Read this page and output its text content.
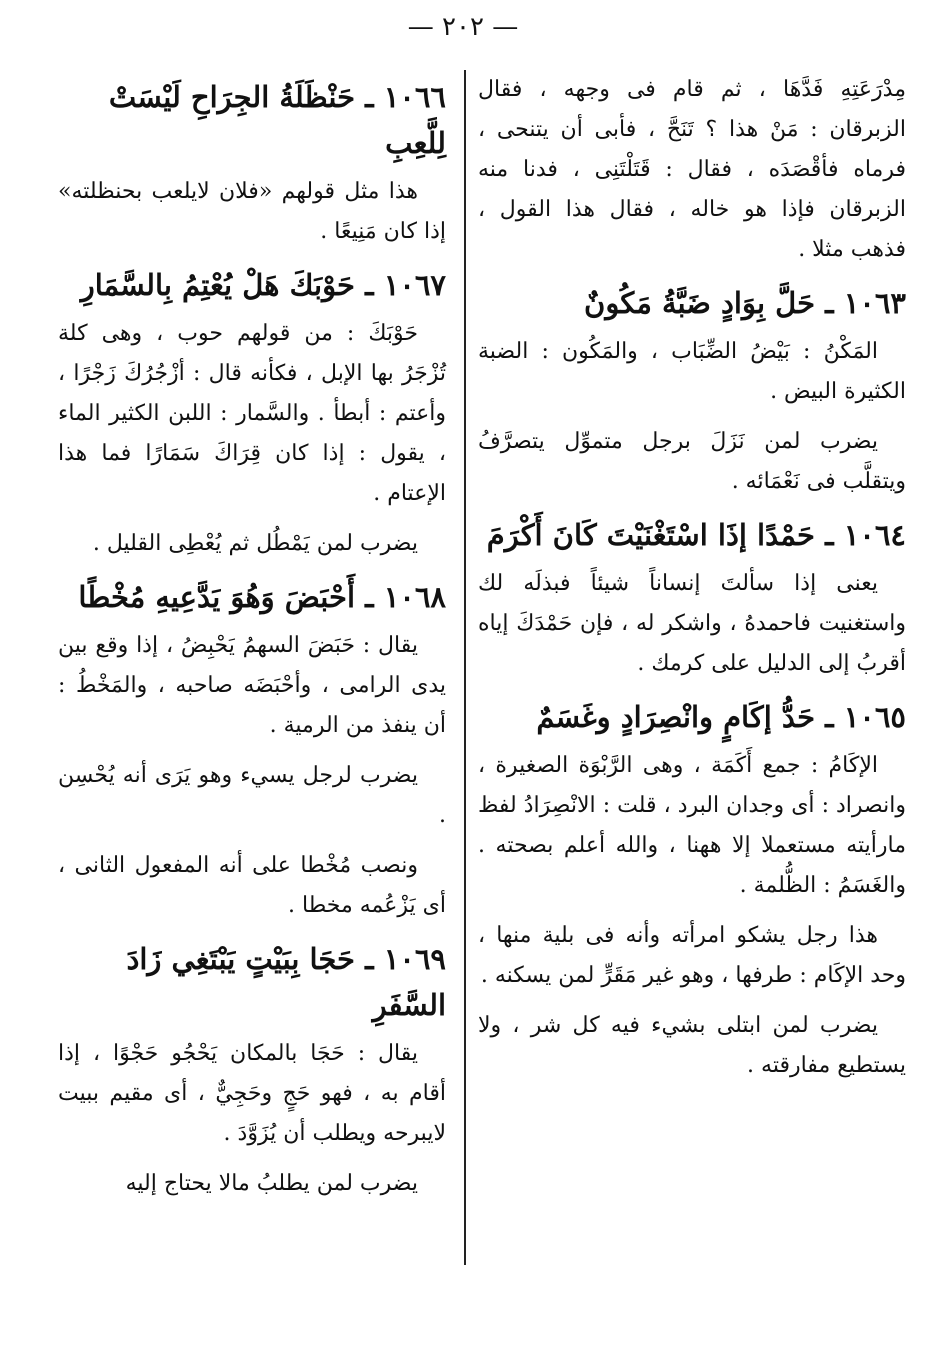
— ٢٠٢ —

مِدْرَعَتِهِ فَدَّهَا ، ثم قام فى وجهه ، فقال الزبرقان : مَنْ هذا ؟ تَنَحَّ ، فأبى أن يتنحى ، فرماه فأقْصَدَه ، فقال : قَتَلْتَنِى ، فدنا منه الزبرقان فإذا هو خاله ، فقال هذا القول ، فذهب مثلا .

١٠٦٣ ـ حَلَّ بِوَادٍ ضَبَّةُ مَكُونٌ

المَكْنُ : بَيْضُ الضِّبَاب ، والمَكُون : الضبة الكثيرة البيض .

يضرب لمن نَزَلَ برجل متموِّل يتصرَّفُ ويتقلَّب فى نَعْمَائه .

١٠٦٤ ـ حَمْدًا إذَا اسْتَغْنَيْتَ كَانَ أَكْرَمَ

يعنى إذا سألتَ إنساناً شيئاً فبذلَه لك واستغنيت فاحمدهُ ، واشكر له ، فإن حَمْدَكَ إياه أقربُ إلى الدليل على كرمك .

١٠٦٥ ـ حَدُّ إكَامٍ وانْصِرَادٍ وغَسَمٌ

الإكَامُ : جمع أَكَمَة ، وهى الرَّبْوَة الصغيرة ، وانصراد : أى وجدان البرد ، قلت : الانْصِرَادُ لفظ مارأيته مستعملا إلا ههنا ، والله أعلم بصحته . والغَسَمُ : الظُّلمة .

هذا رجل يشكو امرأته وأنه فى بلية منها ، وحد الإكَام : طرفها ، وهو غير مَقَرٍّ لمن يسكنه .

يضرب لمن ابتلى بشيء فيه كل شر ، ولا يستطيع مفارقته .

١٠٦٦ ـ حَنْظَلَةُ الجِرَاحِ لَيْسَتْ لِلَّعِبِ

هذا مثل قولهم «فلان لايلعب بحنظلته» إذا كان مَنِيعًا .

١٠٦٧ ـ حَوْبَكَ هَلْ يُعْتِمُ بِالسَّمَارِ

حَوْبَكَ : من قولهم حوب ، وهى كلة تُزْجَرُ بها الإبل ، فكأنه قال : أزْجُرُكَ زَجْرًا ، وأعتم : أبطأ . والسَّمار : اللبن الكثير الماء ، يقول : إذا كان قِرَاكَ سَمَارًا فما هذا الإعتام .

يضرب لمن يَمْطُل ثم يُعْطِى القليل .

١٠٦٨ ـ أَحْبَضَ وَهُوَ يَدَّعِيهِ مُخْطًا

يقال : حَبَضَ السهمُ يَحْبِضُ ، إذا وقع بين يدى الرامى ، وأحْبَضَه صاحبه ، والمَخْطُ : أن ينفذ من الرمية .

يضرب لرجل يسيء وهو يَرَى أنه يُحْسِن .

ونصب مُخْطا على أنه المفعول الثانى ، أى يَزْعُمه مخطا .

١٠٦٩ ـ حَجَا بِبَيْتٍ يَبْتَغِي زَادَ السَّفَرِ

يقال : حَجَا بالمكان يَحْجُو حَجْوًا ، إذا أقام به ، فهو حَجٍ وحَجِيٌّ ، أى مقيم ببيت لايبرحه ويطلب أن يُزَوَّدَ .

يضرب لمن يطلبُ مالا يحتاج إليه
